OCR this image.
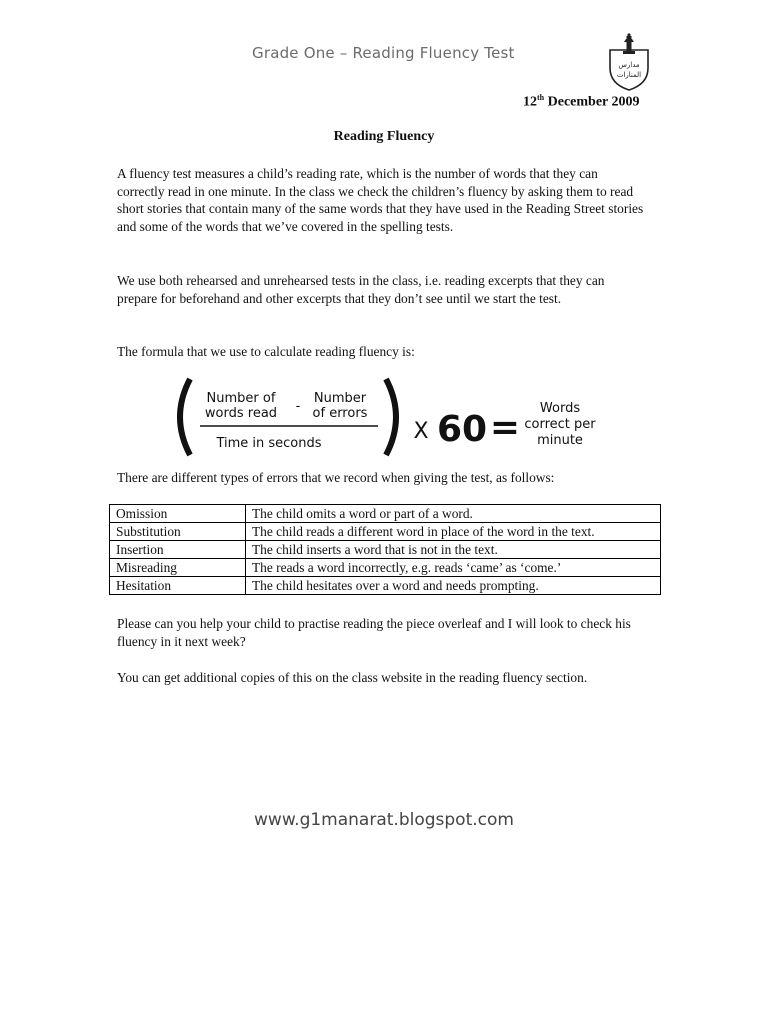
Grade One – Reading Fluency Test
مدارس
المنارات
12th December 2009
Reading Fluency
A fluency test measures a child’s reading rate, which is the number of words that they can correctly read in one minute. In the class we check the children’s fluency by asking them to read short stories that contain many of the same words that they have used in the Reading Street stories and some of the words that we’ve covered in the spelling tests.
We use both rehearsed and unrehearsed tests in the class, i.e. reading excerpts that they can prepare for beforehand and other excerpts that they don’t see until we start the test.
The formula that we use to calculate reading fluency is:
Number of
words read -
Number
of errors
Time in seconds	X 60 = Words
correct per
minute
There are different types of errors that we record when giving the test, as follows:
Omission	The child omits a word or part of a word.
Substitution	The child reads a different word in place of the word in the text.
Insertion	The child inserts a word that is not in the text.
Misreading	The reads a word incorrectly, e.g. reads ‘came’ as ‘come.’
Hesitation	The child hesitates over a word and needs prompting.
Please can you help your child to practise reading the piece overleaf and I will look to check his fluency in it next week?
You can get additional copies of this on the class website in the reading fluency section.
www.g1manarat.blogspot.com
